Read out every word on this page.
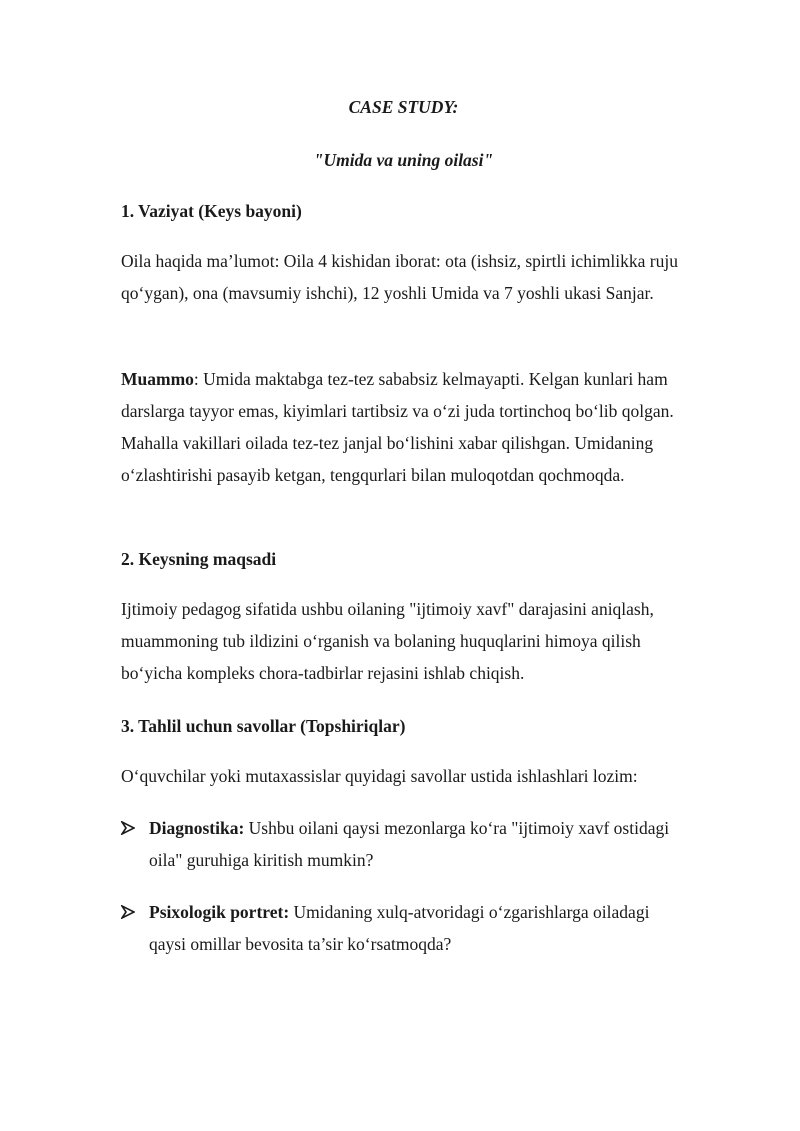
CASE STUDY:

"Umida va uning oilasi"

1. Vaziyat (Keys bayoni)

Oila haqida ma’lumot: Oila 4 kishidan iborat: ota (ishsiz, spirtli ichimlikka ruju qo‘ygan), ona (mavsumiy ishchi), 12 yoshli Umida va 7 yoshli ukasi Sanjar.

Muammo: Umida maktabga tez-tez sababsiz kelmayapti. Kelgan kunlari ham darslarga tayyor emas, kiyimlari tartibsiz va o‘zi juda tortinchoq bo‘lib qolgan. Mahalla vakillari oilada tez-tez janjal bo‘lishini xabar qilishgan. Umidaning o‘zlashtirishi pasayib ketgan, tengqurlari bilan muloqotdan qochmoqda.

2. Keysning maqsadi

Ijtimoiy pedagog sifatida ushbu oilaning "ijtimoiy xavf" darajasini aniqlash, muammoning tub ildizini o‘rganish va bolaning huquqlarini himoya qilish bo‘yicha kompleks chora-tadbirlar rejasini ishlab chiqish.

3. Tahlil uchun savollar (Topshiriqlar)

O‘quvchilar yoki mutaxassislar quyidagi savollar ustida ishlashlari lozim:

Diagnostika: Ushbu oilani qaysi mezonlarga ko‘ra "ijtimoiy xavf ostidagi oila" guruhiga kiritish mumkin?
Psixologik portret: Umidaning xulq-atvoridagi o‘zgarishlarga oiladagi qaysi omillar bevosita ta’sir ko‘rsatmoqda?
